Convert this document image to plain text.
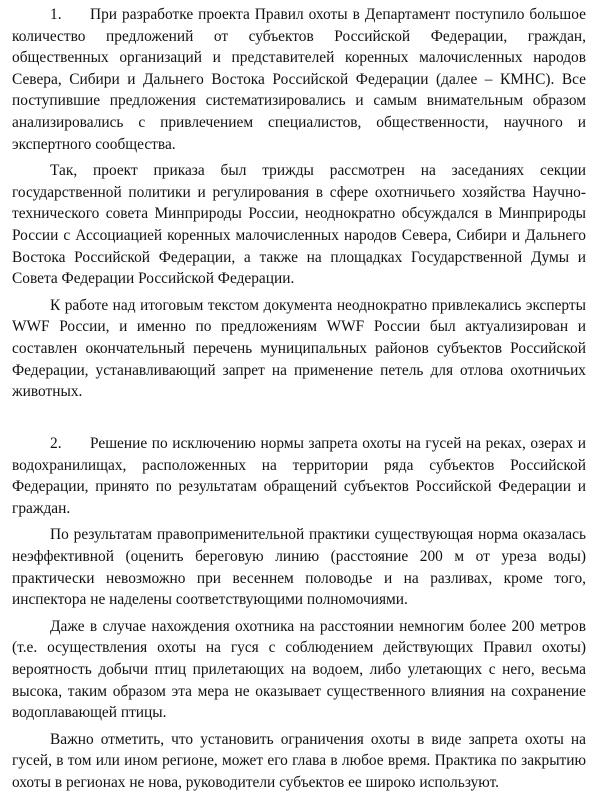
1. При разработке проекта Правил охоты в Департамент поступило большое количество предложений от субъектов Российской Федерации, граждан, общественных организаций и представителей коренных малочисленных народов Севера, Сибири и Дальнего Востока Российской Федерации (далее – КМНС). Все поступившие предложения систематизировались и самым внимательным образом анализировались с привлечением специалистов, общественности, научного и экспертного сообщества.

Так, проект приказа был трижды рассмотрен на заседаниях секции государственной политики и регулирования в сфере охотничьего хозяйства Научно-технического совета Минприроды России, неоднократно обсуждался в Минприроды России с Ассоциацией коренных малочисленных народов Севера, Сибири и Дальнего Востока Российской Федерации, а также на площадках Государственной Думы и Совета Федерации Российской Федерации.

К работе над итоговым текстом документа неоднократно привлекались эксперты WWF России, и именно по предложениям WWF России был актуализирован и составлен окончательный перечень муниципальных районов субъектов Российской Федерации, устанавливающий запрет на применение петель для отлова охотничьих животных.

2. Решение по исключению нормы запрета охоты на гусей на реках, озерах и водохранилищах, расположенных на территории ряда субъектов Российской Федерации, принято по результатам обращений субъектов Российской Федерации и граждан.

По результатам правоприменительной практики существующая норма оказалась неэффективной (оценить береговую линию (расстояние 200 м от уреза воды) практически невозможно при весеннем половодье и на разливах, кроме того, инспектора не наделены соответствующими полномочиями.

Даже в случае нахождения охотника на расстоянии немногим более 200 метров (т.е. осуществления охоты на гуся с соблюдением действующих Правил охоты) вероятность добычи птиц прилетающих на водоем, либо улетающих с него, весьма высока, таким образом эта мера не оказывает существенного влияния на сохранение водоплавающей птицы.

Важно отметить, что установить ограничения охоты в виде запрета охоты на гусей, в том или ином регионе, может его глава в любое время. Практика по закрытию охоты в регионах не нова, руководители субъектов ее широко используют.
